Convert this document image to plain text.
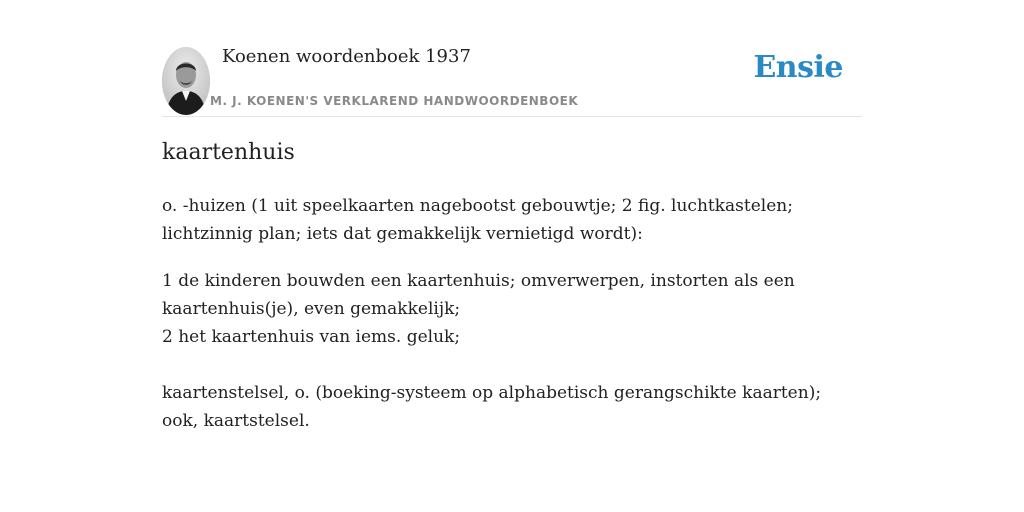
Koenen woordenboek 1937
M. J. KOENEN'S VERKLAREND HANDWOORDENBOEK
Ensie
kaartenhuis

o. -huizen (1 uit speelkaarten nagebootst gebouwtje; 2 fig. luchtkastelen; lichtzinnig plan; iets dat gemakkelijk vernietigd wordt):

1 de kinderen bouwden een kaartenhuis; omverwerpen, instorten als een kaartenhuis(je), even gemakkelijk;
2 het kaartenhuis van iems. geluk;

kaartenstelsel, o. (boeking-systeem op alphabetisch gerangschikte kaarten); ook, kaartstelsel.
